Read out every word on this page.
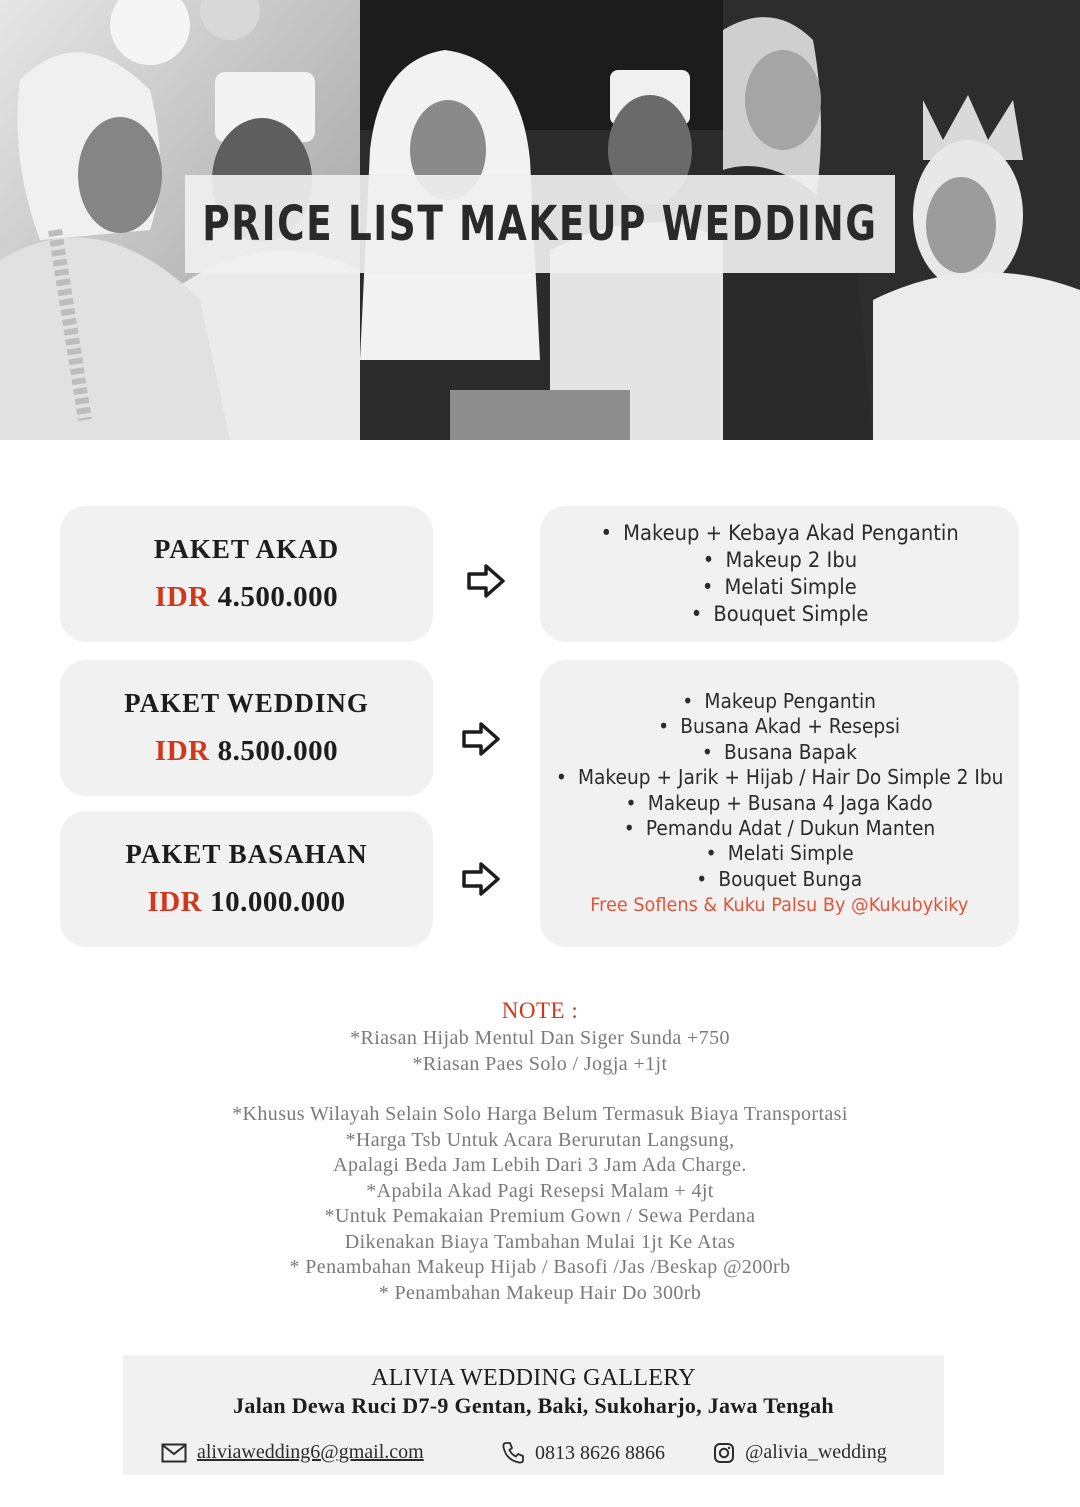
PRICE LIST MAKEUP WEDDING
PAKET AKAD
IDR 4.500.000
PAKET WEDDING
IDR 8.500.000
PAKET BASAHAN
IDR 10.000.000
• Makeup + Kebaya Akad Pengantin
• Makeup 2 Ibu
• Melati Simple
• Bouquet Simple
• Makeup Pengantin
• Busana Akad + Resepsi
• Busana Bapak
• Makeup + Jarik + Hijab / Hair Do Simple 2 Ibu
• Makeup + Busana 4 Jaga Kado
• Pemandu Adat / Dukun Manten
• Melati Simple
• Bouquet Bunga
Free Soflens & Kuku Palsu By @Kukubykiky
NOTE :
*Riasan Hijab Mentul Dan Siger Sunda +750
*Riasan Paes Solo / Jogja +1jt
*Khusus Wilayah Selain Solo Harga Belum Termasuk Biaya Transportasi
*Harga Tsb Untuk Acara Berurutan Langsung,
Apalagi Beda Jam Lebih Dari 3 Jam Ada Charge.
*Apabila Akad Pagi Resepsi Malam + 4jt
*Untuk Pemakaian Premium Gown / Sewa Perdana
Dikenakan Biaya Tambahan Mulai 1jt Ke Atas
* Penambahan Makeup Hijab / Basofi /Jas /Beskap @200rb
* Penambahan Makeup Hair Do 300rb
ALIVIA WEDDING GALLERY
Jalan Dewa Ruci D7-9 Gentan, Baki, Sukoharjo, Jawa Tengah
aliviawedding6@gmail.com	0813 8626 8866	@alivia_wedding
